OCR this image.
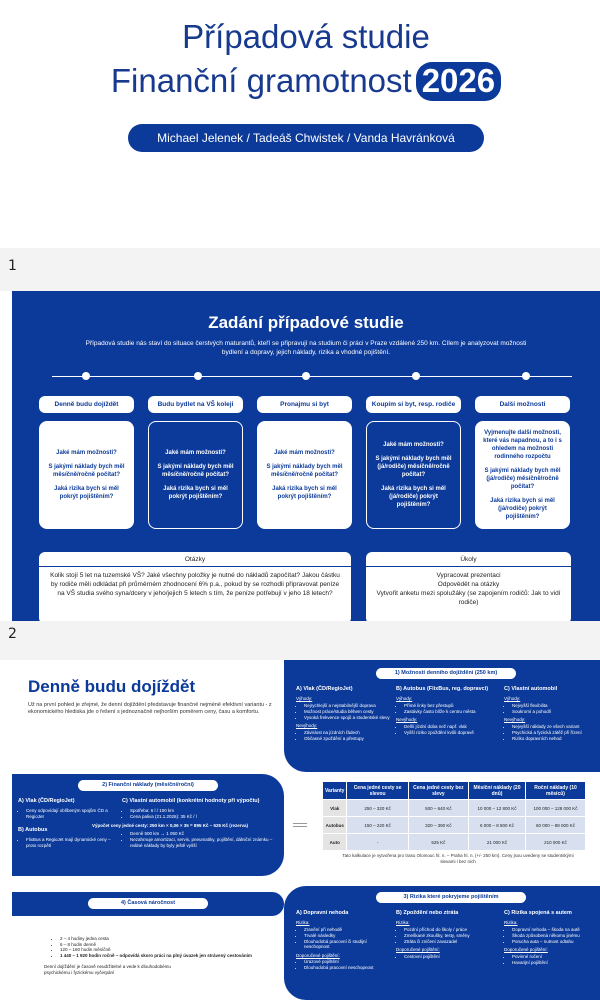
1
2
Případová studie
Finanční gramotnost 2026
Michael Jelenek / Tadeáš Chwistek / Vanda Havránková
Zadání případové studie
Případová studie nás staví do situace čerstvých maturantů, kteří se připravují na studium či práci v Praze vzdálené 250 km. Cílem je analyzovat možnosti bydlení a dopravy, jejich náklady, rizika a vhodné pojištění.
Denně budu dojíždět	Budu bydlet na VŠ koleji	Pronajmu si byt	Koupím si byt, resp. rodiče	Další možnosti
Jaké mám možnosti?
S jakými náklady bych měl měsíčně/ročně počítat?
Jaká rizika bych si měl pokrýt pojištěním?
Jaké mám možnosti?
S jakými náklady bych měl měsíčně/ročně počítat?
Jaká rizika bych si měl pokrýt pojištěním?
Jaké mám možnosti?
S jakými náklady bych měl měsíčně/ročně počítat?
Jaká rizika bych si měl pokrýt pojištěním?
Jaké mám možnosti?
S jakými náklady bych měl (já/rodiče) měsíčně/ročně počítat?
Jaká rizika bych si měl (já/rodiče) pokrýt pojištěním?
Vyjmenujte další možnosti, které vás napadnou, a to i s ohledem na možnosti rodinného rozpočtu
S jakými náklady bych měl (já/rodiče) měsíčně/ročně počítat?
Jaká rizika bych si měl (já/rodiče) pokrýt pojištěním?
Otázky
Kolik stojí 5 let na tuzemské VŠ? Jaké všechny položky je nutné do nákladů započítat? Jakou částku by rodiče měli odkládat při průměrném zhodnocení 6% p.a., pokud by se rozhodli připravovat peníze na VŠ studia svého syna/dcery v jeho/jejich 5 letech s tím, že peníze potřebují v jeho 18 letech?
Úkoly
Vypracovat prezentaci
Odpovědět na otázky
Vytvořit anketu mezi spolužáky (se zapojením rodičů: Jak to vidí rodiče)
Denně budu dojíždět
Už na první pohled je zřejmé, že denní dojíždění představuje finančně nejméně efektivní variantu - z ekonomického hlediska jde o řešení s jednoznačně nejhorším poměrem ceny, času a komfortu.
1) Možnosti denního dojíždění (250 km)
A) Vlak (ČD/RegioJet)
Výhody:
• Nejrychlejší a nejstabilnější doprava
• Možnost práce/studia během cesty
• Vysoká frekvence spojů a studentské slevy
Nevýhody:
• Závislost na jízdních řádech
• Občasné zpoždění a přestupy
B) Autobus (FlixBus, reg. dopravci)
Výhody:
• Přímé linky bez přestupů
• Zastávky často blíže k centru města
Nevýhody:
• Delší jízdní doba než např. vlak
• Vyšší riziko zpoždění kvůli dopravě
C) Vlastní automobil
Výhody:
• Nejvyšší flexibilita
• Soukromí a pohodlí
Nevýhody:
• Nejvyšší náklady ze všech variant
• Psychická a fyzická zátěž při řízení
• Riziko dopravních nehod
2) Finanční náklady (měsíční/roční)
A) Vlak (ČD/RegioJet)
• Ceny odpovídají oblíbeným spojům ČD a RegioJet
B) Autobus
• FlixBus a RegioJet mají dynamické ceny – proto rozpětí
C) Vlastní automobil (konkrétní hodnoty při výpočtu)
• Spotřeba: 6 l / 100 km
• Cena paliva (21.1.2026): 35 Kč / l
Výpočet ceny jedné cesty: 250 km × 0,06 × 35 = 895 Kč – 525 Kč (rezerva)
• Denně 500 km → 1 050 Kč
• Nezahrnuje amortizaci, servis, pneumatiky, pojištění, dálniční známku – reálné náklady by byly ještě vyšší
Varianty	Cena jedné cesty se slevou	Cena jedné cesty bez slevy	Měsíční náklady (20 dnů)	Roční náklady (10 měsíců)
Vlak	250 – 320 Kč	500 – 640 Kč	10 000 – 12 800 Kč	100 000 – 128 000 Kč
Autobus	150 – 220 Kč	320 – 390 Kč	6 000 – 8 800 Kč	60 000 – 88 000 Kč
Auto	-	525 Kč	21 000 Kč	210 000 Kč
Tato kalkulace je vytvořena pro trasu Olomouc hl. n. – Praha hl. n. (+/- 250 km). Ceny jsou uvedeny se studentskými slevami i bez nich
4) Časová náročnost
• 2 – 4 hodiny jedna cesta
• 6 – 8 hodin denně
• 120 – 160 hodin měsíčně
• 1 440 – 1 920 hodin ročně – odpovídá skoro práci na plný úvazek jen strávený cestováním
Denní dojíždění je časově neudržitelné a vede k dlouhodobému psychickému i fyzickému vyčerpání
3) Rizika které pokryjeme pojištěním
A) Dopravní nehoda
Rizika:
• Zranění při nehodě
• Trvalé následky
• Dlouhodobá pracovní či studijní neschopnost
Doporučené pojištění:
• Úrazové pojištění
• Dlouhodobá pracovní neschopnost
B) Zpoždění nebo ztráta
Rizika:
• Pozdní příchod do školy / práce
• Zmeškané zkoušky, testy, směny
• Ztráta či zničení zavazadel
Doporučené pojištění:
• Cestovní pojištění
C) Rizika spojená s autem
Rizika:
• Dopravní nehoda – škoda na autě
• Škoda způsobená někomu jinému
• Porucha auta – nutnost odtahu
Doporučené pojištění:
• Povinné ručení
• Havarijní pojištění
